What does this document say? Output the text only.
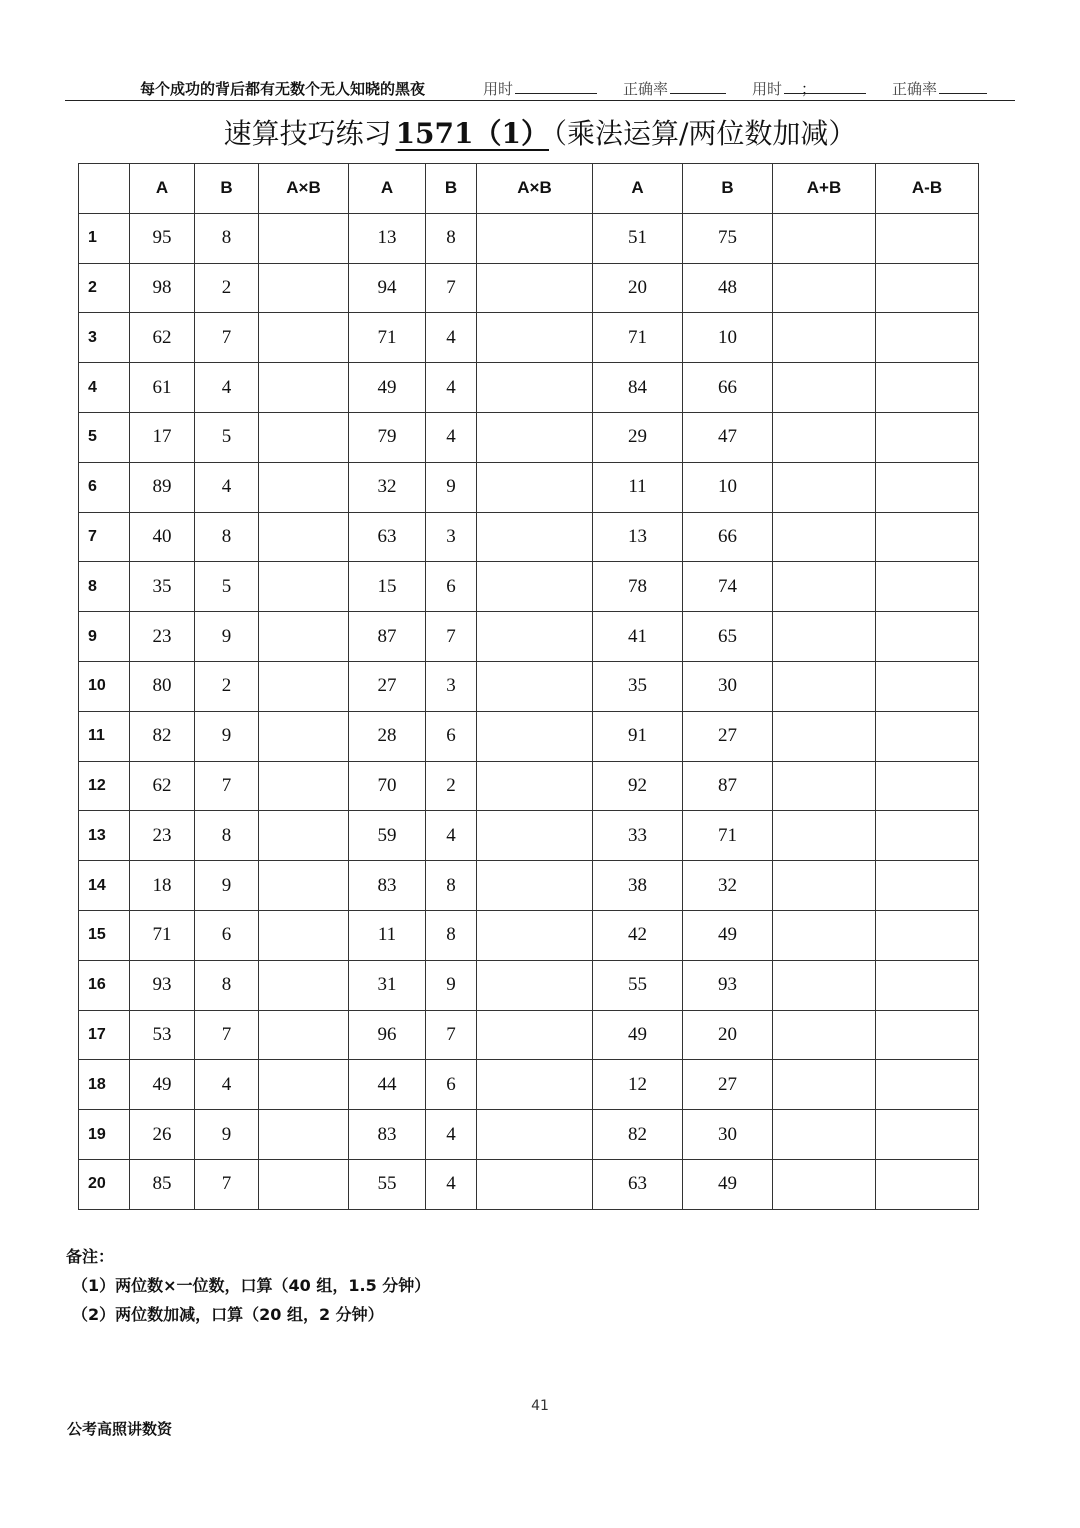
每个成功的背后都有无数个无人知晓的黑夜	用时	正确率	；
用时	正确率
速算技巧练习 1571（1） （乘法运算/两位数加减）
	A	B	A×B	A	B	A×B	A	B	A+B	A-B
1	95	8		13	8		51	75		
2	98	2		94	7		20	48		
3	62	7		71	4		71	10		
4	61	4		49	4		84	66		
5	17	5		79	4		29	47		
6	89	4		32	9		11	10		
7	40	8		63	3		13	66		
8	35	5		15	6		78	74		
9	23	9		87	7		41	65		
10	80	2		27	3		35	30		
11	82	9		28	6		91	27		
12	62	7		70	2		92	87		
13	23	8		59	4		33	71		
14	18	9		83	8		38	32		
15	71	6		11	8		42	49		
16	93	8		31	9		55	93		
17	53	7		96	7		49	20		
18	49	4		44	6		12	27		
19	26	9		83	4		82	30		
20	85	7		55	4		63	49		
备注：
（1）两位数×一位数，口算（40 组，1.5 分钟）
（2）两位数加减，口算（20 组，2 分钟）
41
公考高照讲数资
